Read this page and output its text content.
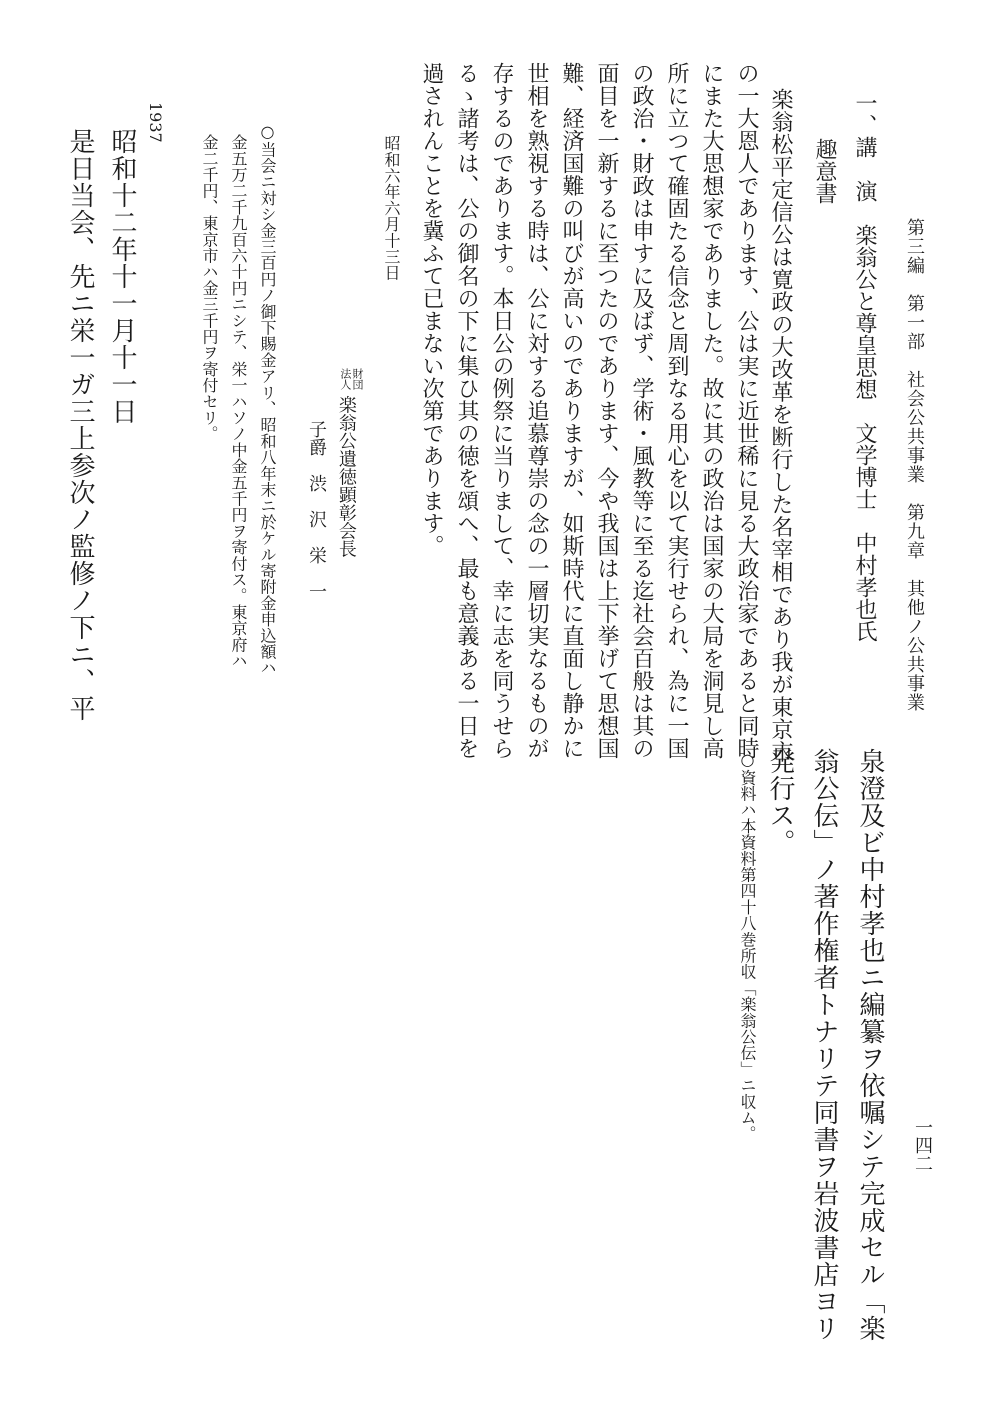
第三編　第一部　社会公共事業　第九章　其他ノ公共事業
一、講　演　楽翁公と尊皇思想　文学博士　中村孝也氏
趣意書
楽翁松平定信公は寛政の大改革を断行した名宰相であり我が東京市
の一大恩人であります、公は実に近世稀に見る大政治家であると同時
にまた大思想家でありました。故に其の政治は国家の大局を洞見し高
所に立つて確固たる信念と周到なる用心を以て実行せられ、為に一国
の政治・財政は申すに及ばず、学術・風教等に至る迄社会百般は其の
面目を一新するに至つたのであります、今や我国は上下挙げて思想国
難、経済国難の叫びが高いのでありますが、如斯時代に直面し静かに
世相を熟視する時は、公に対する追慕尊崇の念の一層切実なるものが
存するのであります。本日公の例祭に当りまして、幸に志を同うせら
るゝ諸考は、公の御名の下に集ひ其の徳を頌へ、最も意義ある一日を
過されんことを冀ふて已まない次第であります。
昭和六年六月十三日
財団
法人
楽翁公遺徳顕彰会長
子爵　渋　沢　栄　一
○当会ニ対シ金三百円ノ御下賜金アリ、昭和八年末ニ於ケル寄附金申込額ハ
金五万二千九百六十円ニシテ、栄一ハソノ中金五千円ヲ寄付ス。東京府ハ
金二千円、東京市ハ金三千円ヲ寄付セリ。
1937
昭和十二年十一月十一日
是日当会、先ニ栄一ガ三上参次ノ監修ノ下ニ、平
一四二
泉澄及ビ中村孝也ニ編纂ヲ依嘱シテ完成セル「楽
翁公伝」ノ著作権者トナリテ同書ヲ岩波書店ヨリ
発行ス。
○資料ハ本資料第四十八巻所収「楽翁公伝」ニ収ム。
